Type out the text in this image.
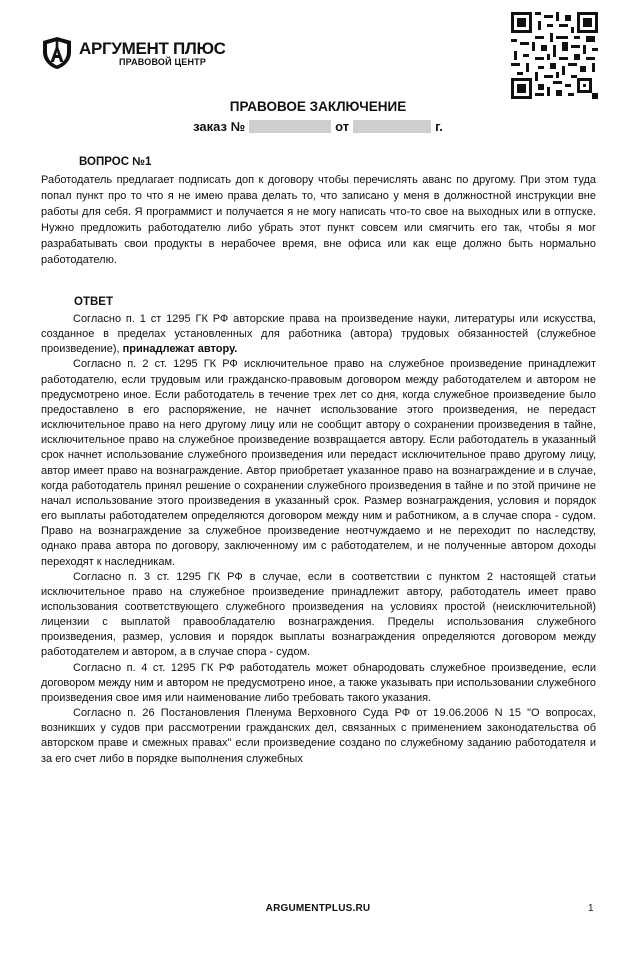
АРГУМЕНТ ПЛЮС
ПРАВОВОЙ ЦЕНТР
ПРАВОВОЕ ЗАКЛЮЧЕНИЕ
заказ №	от	г.
ВОПРОС №1
Работодатель предлагает подписать доп к договору чтобы перечислять аванс по другому. При этом туда попал пункт про то что я не имею права делать то, что записано у меня в должностной инструкции вне работы для себя. Я программист и получается я не могу написать что-то свое на выходных или в отпуске. Нужно предложить работодателю либо убрать этот пункт совсем или смягчить его так, чтобы я мог разрабатывать свои продукты в нерабочее время, вне офиса или как еще должно быть нормально работодателю.
ОТВЕТ

Согласно п. 1 ст 1295 ГК РФ авторские права на произведение науки, литературы или искусства, созданное в пределах установленных для работника (автора) трудовых обязанностей (служебное произведение), принадлежат автору.

Согласно п. 2 ст. 1295 ГК РФ исключительное право на служебное произведение принадлежит работодателю, если трудовым или гражданско-правовым договором между работодателем и автором не предусмотрено иное. Если работодатель в течение трех лет со дня, когда служебное произведение было предоставлено в его распоряжение, не начнет использование этого произведения, не передаст исключительное право на него другому лицу или не сообщит автору о сохранении произведения в тайне, исключительное право на служебное произведение возвращается автору. Если работодатель в указанный срок начнет использование служебного произведения или передаст исключительное право другому лицу, автор имеет право на вознаграждение. Автор приобретает указанное право на вознаграждение и в случае, когда работодатель принял решение о сохранении служебного произведения в тайне и по этой причине не начал использование этого произведения в указанный срок. Размер вознаграждения, условия и порядок его выплаты работодателем определяются договором между ним и работником, а в случае спора - судом. Право на вознаграждение за служебное произведение неотчуждаемо и не переходит по наследству, однако права автора по договору, заключенному им с работодателем, и не полученные автором доходы переходят к наследникам.

Согласно п. 3 ст. 1295 ГК РФ в случае, если в соответствии с пунктом 2 настоящей статьи исключительное право на служебное произведение принадлежит автору, работодатель имеет право использования соответствующего служебного произведения на условиях простой (неисключительной) лицензии с выплатой правообладателю вознаграждения. Пределы использования служебного произведения, размер, условия и порядок выплаты вознаграждения определяются договором между работодателем и автором, а в случае спора - судом.

Согласно п. 4 ст. 1295 ГК РФ работодатель может обнародовать служебное произведение, если договором между ним и автором не предусмотрено иное, а также указывать при использовании служебного произведения свое имя или наименование либо требовать такого указания.

Согласно п. 26 Постановления Пленума Верховного Суда РФ от 19.06.2006 N 15 "О вопросах, возникших у судов при рассмотрении гражданских дел, связанных с применением законодательства об авторском праве и смежных правах" если произведение создано по служебному заданию работодателя и за его счет либо в порядке выполнения служебных

ARGUMENTPLUS.RU	1
